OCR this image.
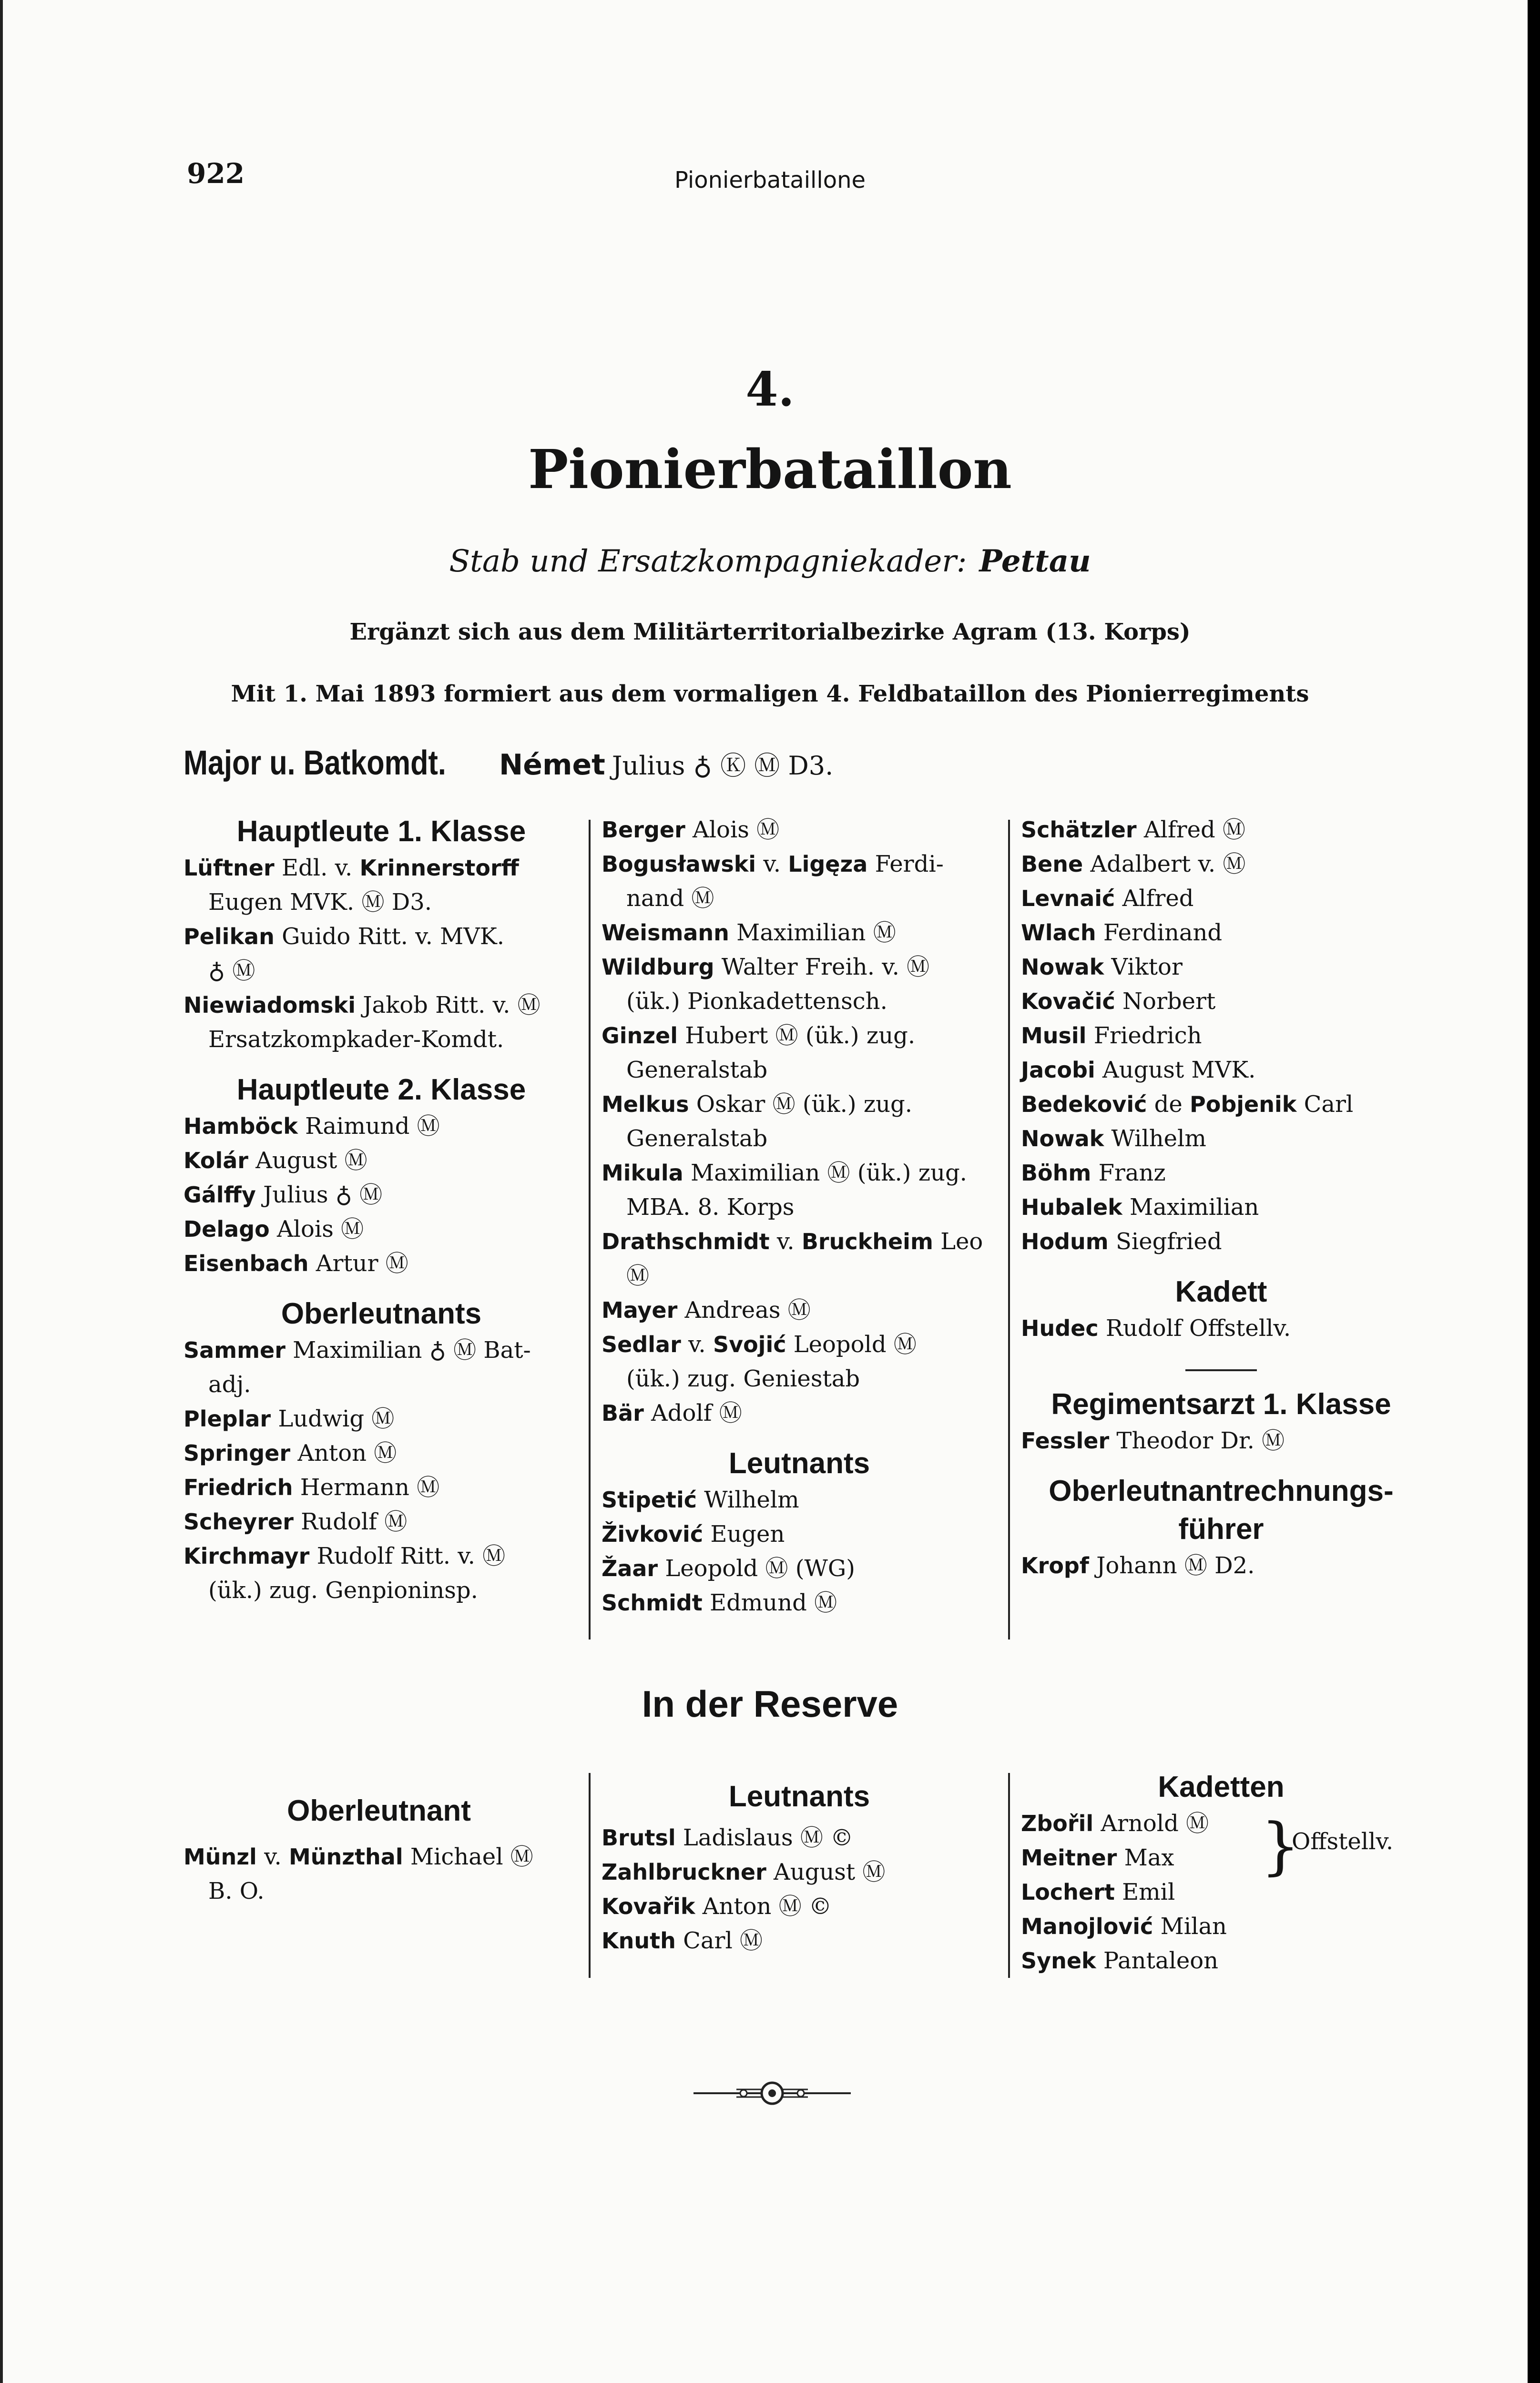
922	Pionierbataillone
4.
Pionierbataillon
Stab und Ersatzkompagniekader: Pettau
Ergänzt sich aus dem Militärterritorialbezirke Agram (13. Korps)
Mit 1. Mai 1893 formiert aus dem vormaligen 4. Feldbataillon des Pionierregiments
Major u. Batkomdt. Német Julius ♁ Ⓚ Ⓜ D3.
Hauptleute 1. Klasse
Lüftner Edl. v. Krinnerstorff
Eugen MVK. Ⓜ D3.
Pelikan Guido Ritt. v. MVK.
♁ Ⓜ
Niewiadomski Jakob Ritt. v. Ⓜ
Ersatzkompkader-Komdt.
Hauptleute 2. Klasse
Hamböck Raimund Ⓜ
Kolár August Ⓜ
Gálffy Julius ♁ Ⓜ
Delago Alois Ⓜ
Eisenbach Artur Ⓜ
Oberleutnants
Sammer Maximilian ♁ Ⓜ Bat-
adj.
Pleplar Ludwig Ⓜ
Springer Anton Ⓜ
Friedrich Hermann Ⓜ
Scheyrer Rudolf Ⓜ
Kirchmayr Rudolf Ritt. v. Ⓜ
(ük.) zug. Genpioninsp.
Berger Alois Ⓜ
Bogusławski v. Ligęza Ferdi-
nand Ⓜ
Weismann Maximilian Ⓜ
Wildburg Walter Freih. v. Ⓜ
(ük.) Pionkadettensch.
Ginzel Hubert Ⓜ (ük.) zug.
Generalstab
Melkus Oskar Ⓜ (ük.) zug.
Generalstab
Mikula Maximilian Ⓜ (ük.) zug.
MBA. 8. Korps
Drathschmidt v. Bruckheim Leo
Ⓜ
Mayer Andreas Ⓜ
Sedlar v. Svojić Leopold Ⓜ
(ük.) zug. Geniestab
Bär Adolf Ⓜ
Leutnants
Stipetić Wilhelm
Živković Eugen
Žaar Leopold Ⓜ (WG)
Schmidt Edmund Ⓜ
Schätzler Alfred Ⓜ
Bene Adalbert v. Ⓜ
Levnaić Alfred
Wlach Ferdinand
Nowak Viktor
Kovačić Norbert
Musil Friedrich
Jacobi August MVK.
Bedeković de Pobjenik Carl
Nowak Wilhelm
Böhm Franz
Hubalek Maximilian
Hodum Siegfried
Kadett
Hudec Rudolf Offstellv.
Regimentsarzt 1. Klasse
Fessler Theodor Dr. Ⓜ
Oberleutnantrechnungs-
führer
Kropf Johann Ⓜ D2.
In der Reserve
Oberleutnant
Münzl v. Münzthal Michael Ⓜ
B. O.
Leutnants
Brutsl Ladislaus Ⓜ ©
Zahlbruckner August Ⓜ
Kovařik Anton Ⓜ ©
Knuth Carl Ⓜ
Kadetten
Zbořil Arnold Ⓜ
Meitner Max
Lochert Emil
Manojlović Milan
Synek Pantaleon
}
Offstellv.
